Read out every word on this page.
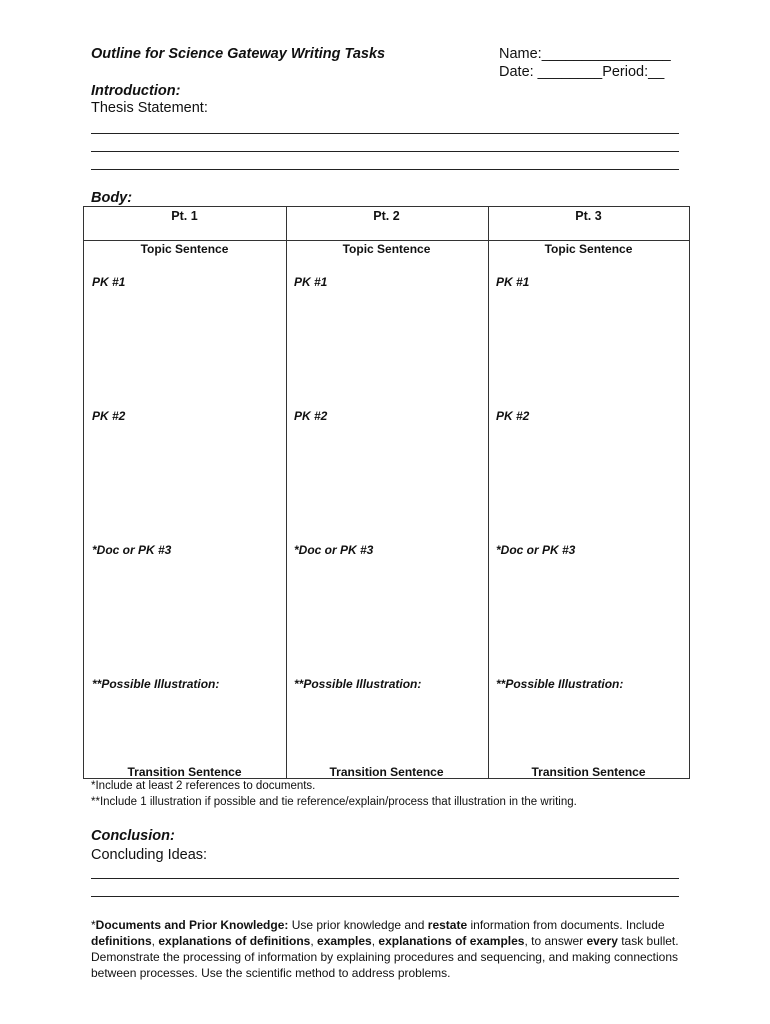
Outline for Science Gateway Writing Tasks	Name:________________
Date: ________Period:__
Introduction:
Thesis Statement:
Body:
Pt. 1
Topic Sentence
PK #1
PK #2
*Doc or PK #3
**Possible Illustration:
Transition Sentence
Pt. 2
Topic Sentence
PK #1
PK #2
*Doc or PK #3
**Possible Illustration:
Transition Sentence
Pt. 3
Topic Sentence
PK #1
PK #2
*Doc or PK #3
**Possible Illustration:
Transition Sentence
*Include at least 2 references to documents.
**Include 1 illustration if possible and tie reference/explain/process that illustration in the writing.
Conclusion:
Concluding Ideas:
*Documents and Prior Knowledge: Use prior knowledge and restate information from documents. Include definitions, explanations of definitions, examples, explanations of examples, to answer every task bullet. Demonstrate the processing of information by explaining procedures and sequencing, and making connections between processes. Use the scientific method to address problems.
